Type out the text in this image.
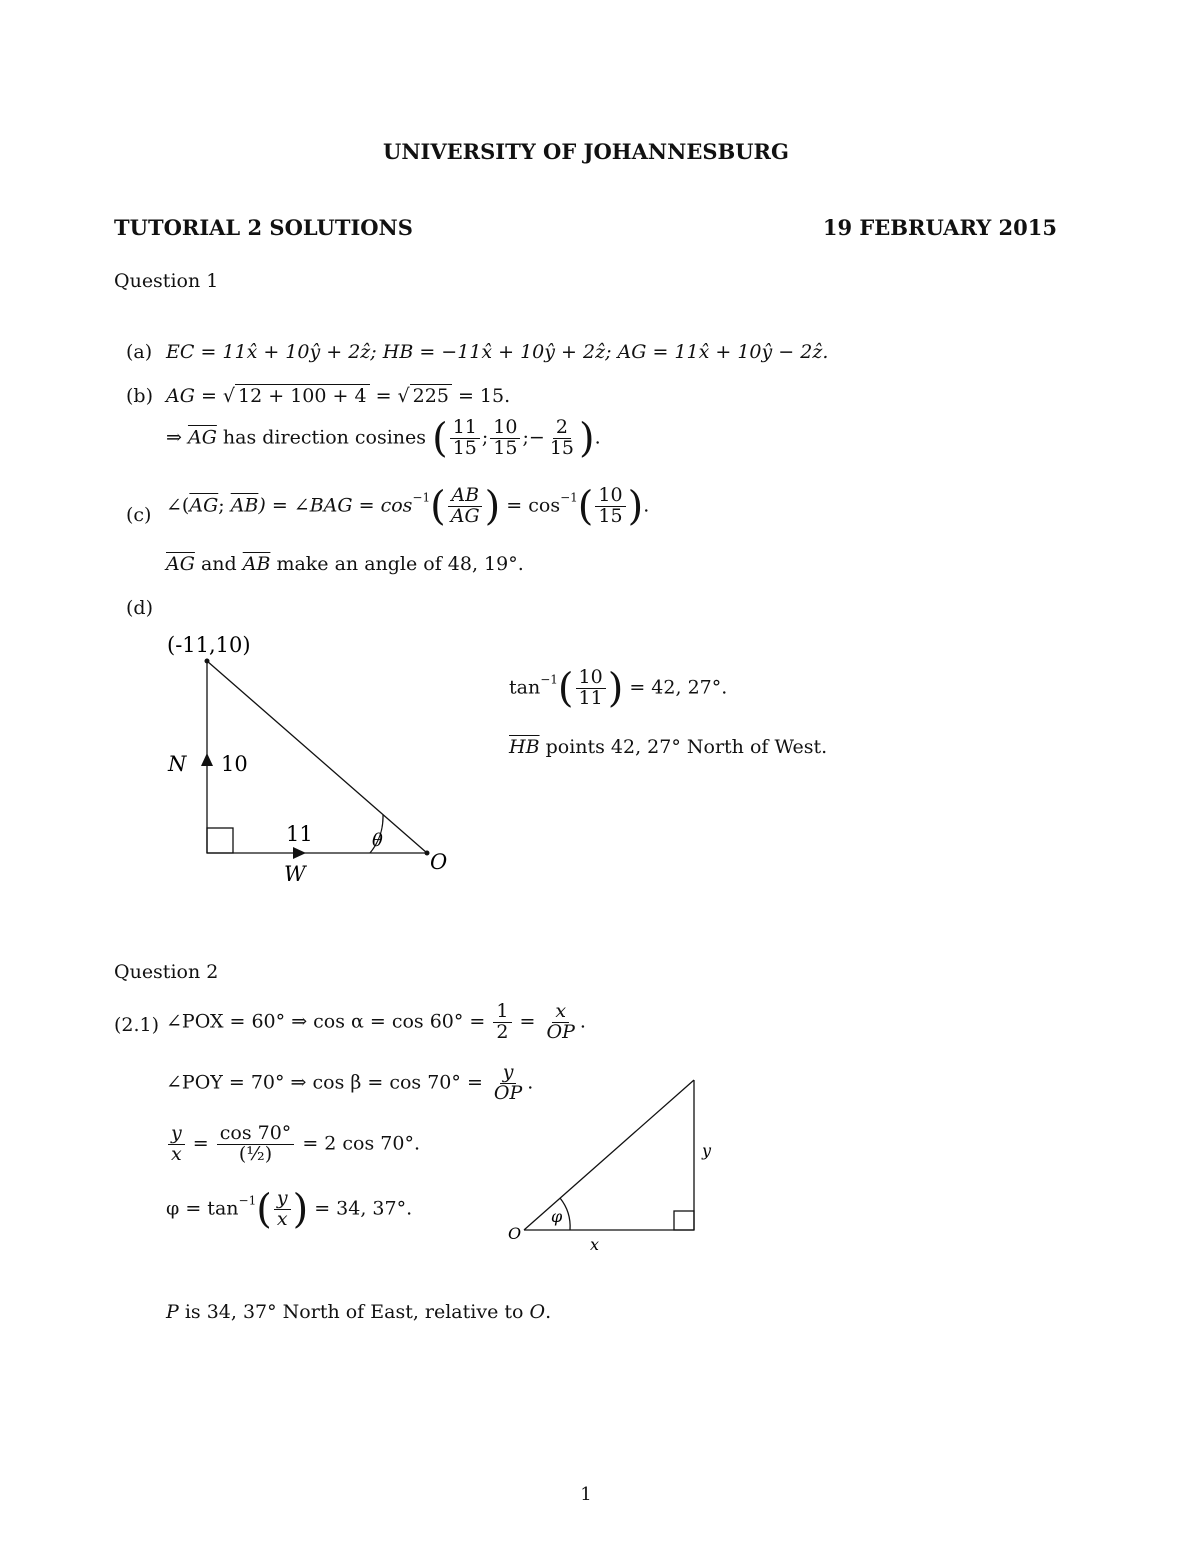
UNIVERSITY OF JOHANNESBURG
TUTORIAL 2 SOLUTIONS	19 FEBRUARY 2015
Question 1
(a) EC = 11x̂ + 10ŷ + 2ẑ; HB = −11x̂ + 10ŷ + 2ẑ; AG = 11x̂ + 10ŷ − 2ẑ.
(b) AG = √ 12 + 100 + 4 = √ 225 = 15.
⇒ $\overline{AG}$ has direction cosines ( $\frac{11}{15}$ ; $\frac{10}{15}$ ;− $\frac{2}{15}$ ).
(c) $\angle(\overline{AG}$; $\overline{AB}$) = ∠BAG = $\cos^{-1}( \frac{AB}{AG}$ ) = $\cos^{-1}( \frac{10}{15}$ ).
$\overline{AG}$ and $\overline{AB}$ make an angle of 48, 19°.
(d)
(-11,10)
N 10
11
W	O
θ
$\tan^{-1}( \frac{10}{11}$ ) = 42, 27°.
$\overline{HB}$ points 42, 27° North of West.
Question 2
(2.1) ∠POX = 60° ⇒ $\cos \alpha = \cos 60^\circ = \frac{1}{2} = \frac{x}{OP}$ .
∠POY = 70° ⇒ $\cos \beta = \cos 70^\circ = \frac{y}{OP}$ .
$\frac{y}{x} = \frac{\cos 70^\circ}{\text{(½)}} = 2$ cos 70°.
$\varphi = \tan^{-1}( \frac{y}{x}$ ) = 34, 37°.
O
φ
x
y
P is 34, 37° North of East, relative to O.
1
